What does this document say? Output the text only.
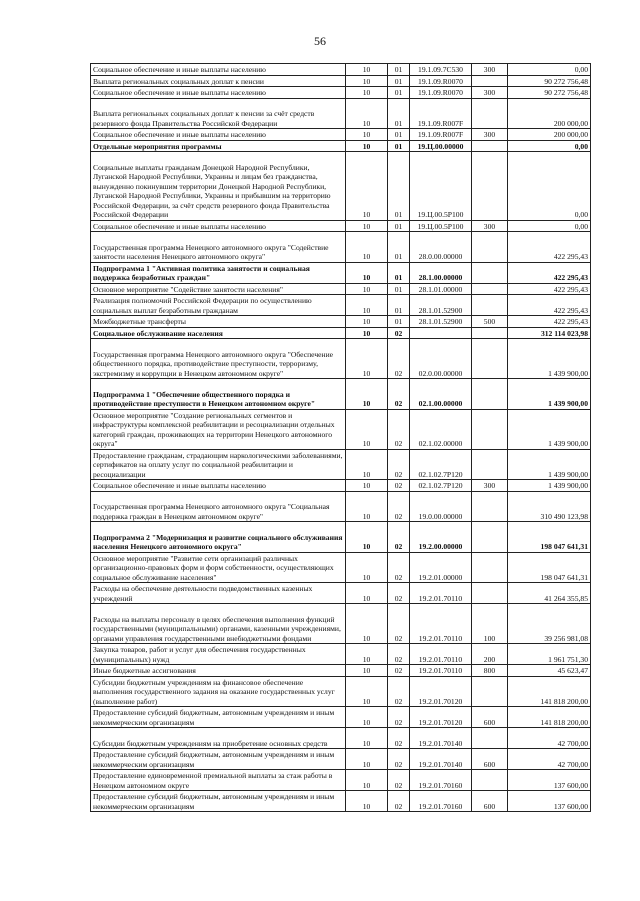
56
Социальное обеспечение и иные выплаты населению	10	01	19.1.09.7С530	300	0,00
Выплата региональных социальных доплат к пенсии	10	01	19.1.09.R0070		90 272 756,48
Социальное обеспечение и иные выплаты населению	10	01	19.1.09.R0070	300	90 272 756,48
Выплата региональных социальных доплат к пенсии за счёт средств резервного фонда Правительства Российской Федерации	10	01	19.1.09.R007F		200 000,00
Социальное обеспечение и иные выплаты населению	10	01	19.1.09.R007F	300	200 000,00
Отдельные мероприятия программы	10	01	19.Ц.00.00000		0,00
Социальные выплаты гражданам Донецкой Народной Республики, Луганской Народной Республики, Украины и лицам без гражданства, вынужденно покинувшим территории Донецкой Народной Республики, Луганской Народной Республики, Украины и прибывшим на территорию Российской Федерации, за счёт средств резервного фонда Правительства Российской Федерации	10	01	19.Ц.00.5Р100		0,00
Социальное обеспечение и иные выплаты населению	10	01	19.Ц.00.5Р100	300	0,00
Государственная программа Ненецкого автономного округа "Содействие занятости населения Ненецкого автономного округа"	10	01	28.0.00.00000		422 295,43
Подпрограмма 1 "Активная политика занятости и социальная поддержка безработных граждан"	10	01	28.1.00.00000		422 295,43
Основное мероприятие "Содействие занятости населения"	10	01	28.1.01.00000		422 295,43
Реализация полномочий Российской Федерации по осуществлению социальных выплат безработным гражданам	10	01	28.1.01.52900		422 295,43
Межбюджетные трансферты	10	01	28.1.01.52900	500	422 295,43
Социальное обслуживание населения	10	02			312 114 023,98
Государственная программа Ненецкого автономного округа "Обеспечение общественного порядка, противодействие преступности, терроризму, экстремизму и коррупции в Ненецком автономном округе"	10	02	02.0.00.00000		1 439 900,00
Подпрограмма 1 "Обеспечение общественного порядка и противодействие преступности в Ненецком автономном округе"	10	02	02.1.00.00000		1 439 900,00
Основное мероприятие "Создание региональных сегментов и инфраструктуры комплексной реабилитации и ресоциализации отдельных категорий граждан, проживающих на территории Ненецкого автономного округа"	10	02	02.1.02.00000		1 439 900,00
Предоставление гражданам, страдающим наркологическими заболеваниями, сертификатов на оплату услуг по социальной реабилитации и ресоциализации	10	02	02.1.02.7Р120		1 439 900,00
Социальное обеспечение и иные выплаты населению	10	02	02.1.02.7Р120	300	1 439 900,00
Государственная программа Ненецкого автономного округа "Социальная поддержка граждан в Ненецком автономном округе"	10	02	19.0.00.00000		310 490 123,98
Подпрограмма 2 "Модернизация и развитие социального обслуживания населения Ненецкого автономного округа"	10	02	19.2.00.00000		198 047 641,31
Основное мероприятие "Развитие сети организаций различных организационно-правовых форм и форм собственности, осуществляющих социальное обслуживание населения"	10	02	19.2.01.00000		198 047 641,31
Расходы на обеспечение деятельности подведомственных казенных учреждений	10	02	19.2.01.70110		41 264 355,85
Расходы на выплаты персоналу в целях обеспечения выполнения функций государственными (муниципальными) органами, казенными учреждениями, органами управления государственными внебюджетными фондами	10	02	19.2.01.70110	100	39 256 981,08
Закупка товаров, работ и услуг для обеспечения государственных (муниципальных) нужд	10	02	19.2.01.70110	200	1 961 751,30
Иные бюджетные ассигнования	10	02	19.2.01.70110	800	45 623,47
Субсидии бюджетным учреждениям на финансовое обеспечение выполнения государственного задания на оказание государственных услуг (выполнение работ)	10	02	19.2.01.70120		141 818 200,00
Предоставление субсидий бюджетным, автономным учреждениям и иным некоммерческим организациям	10	02	19.2.01.70120	600	141 818 200,00
Субсидии бюджетным учреждениям на приобретение основных средств	10	02	19.2.01.70140		42 700,00
Предоставление субсидий бюджетным, автономным учреждениям и иным некоммерческим организациям	10	02	19.2.01.70140	600	42 700,00
Предоставление единовременной премиальной выплаты за стаж работы в Ненецком автономном округе	10	02	19.2.01.70160		137 600,00
Предоставление субсидий бюджетным, автономным учреждениям и иным некоммерческим организациям	10	02	19.2.01.70160	600	137 600,00
